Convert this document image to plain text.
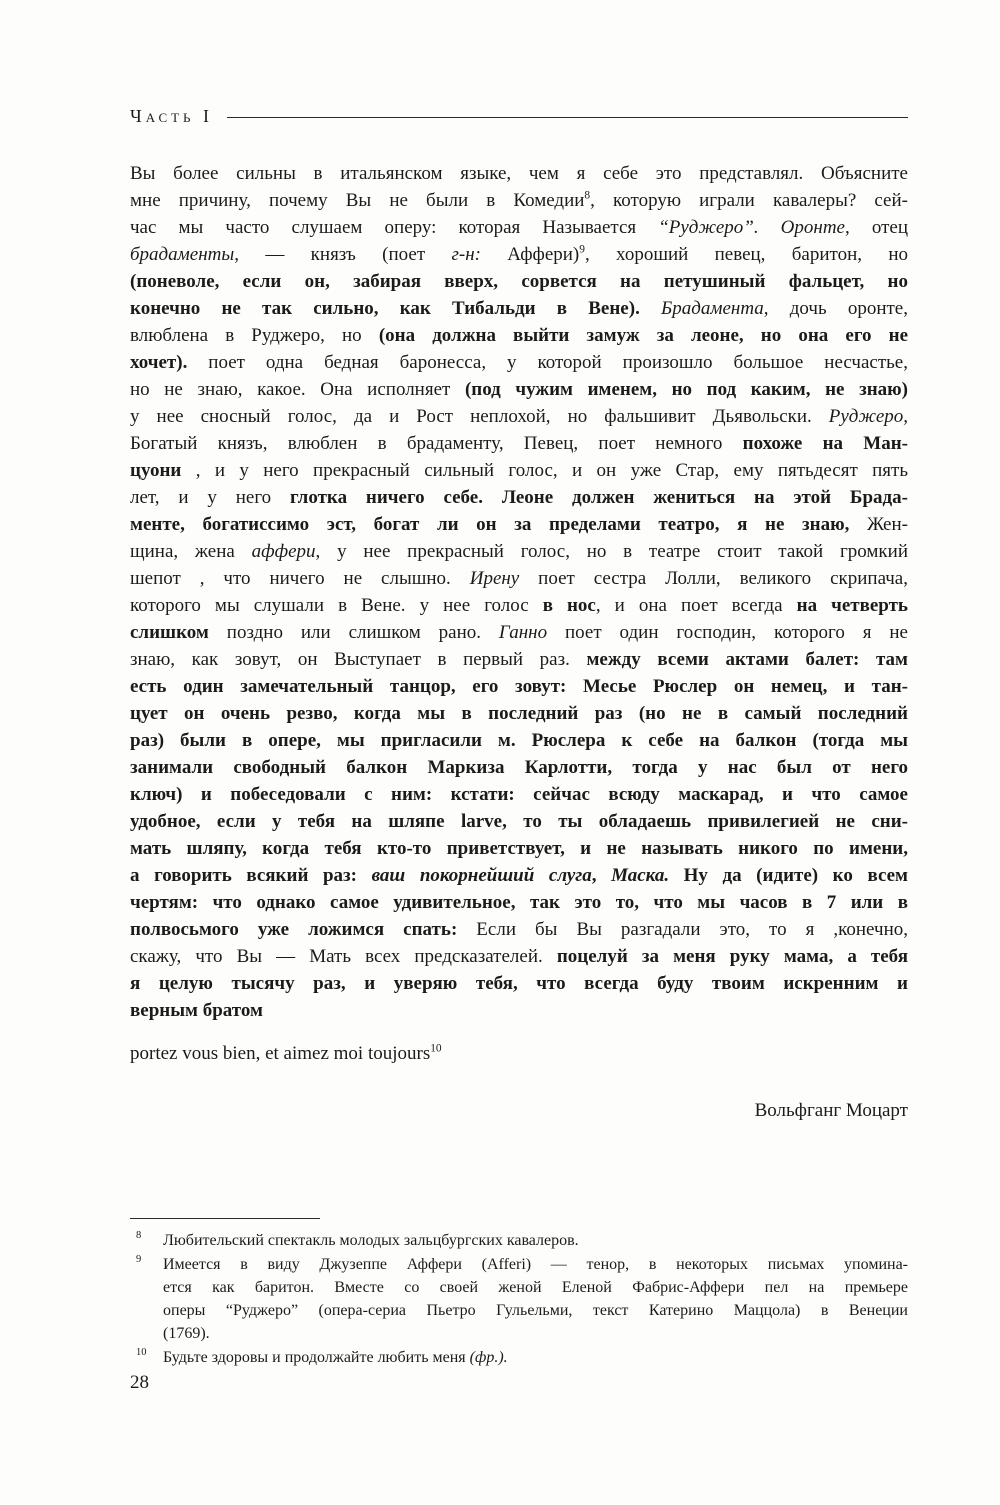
Часть I
Вы более сильны в итальянском языке, чем я себе это представлял. Объясните
мне причину, почему Вы не были в Комедии$^8$, которую играли кавалеры? сей-
час мы часто слушаем оперу: которая Называется “Руджеро”. Оронте, отец
брадаменты, — князъ (поет г-н: Аффери)$^9$, хороший певец, баритон, но
(поневоле, если он, забирая вверх, сорвется на петушиный фальцет, но
конечно не так сильно, как Тибальди в Вене). Брадамента, дочь оронте,
влюблена в Руджеро, но (она должна выйти замуж за леоне, но она его не
хочет). поет одна бедная баронесса, у которой произошло большое несчастье,
но не знаю, какое. Она исполняет (под чужим именем, но под каким, не знаю)
у нее сносный голос, да и Рост неплохой, но фальшивит Дьявольски. Руджеро,
Богатый князъ, влюблен в брадаменту, Певец, поет немного похоже на Ман-
цуони , и у него прекрасный сильный голос, и он уже Стар, ему пятьдесят пять
лет, и у него глотка ничего себе. Леоне должен жениться на этой Брада-
менте, богатиссимо эст, богат ли он за пределами театро, я не знаю, Жен-
щина, жена аффери, у нее прекрасный голос, но в театре стоит такой громкий
шепот , что ничего не слышно. Ирену поет сестра Лолли, великого скрипача,
которого мы слушали в Вене. у нее голос в нос, и она поет всегда на четверть
слишком поздно или слишком рано. Ганно поет один господин, которого я не
знаю, как зовут, он Выступает в первый раз. между всеми актами балет: там
есть один замечательный танцор, его зовут: Месье Рюслер он немец, и тан-
цует он очень резво, когда мы в последний раз (но не в самый последний
раз) были в опере, мы пригласили м. Рюслера к себе на балкон (тогда мы
занимали свободный балкон Маркиза Карлотти, тогда у нас был от него
ключ) и побеседовали с ним: кстати: сейчас всюду маскарад, и что самое
удобное, если у тебя на шляпе larve, то ты обладаешь привилегией не сни-
мать шляпу, когда тебя кто-то приветствует, и не называть никого по имени,
а говорить всякий раз: ваш покорнейший слуга, Маска. Ну да (идите) ко всем
чертям: что однако самое удивительное, так это то, что мы часов в 7 или в
полвосьмого уже ложимся спать: Если бы Вы разгадали это, то я ,конечно,
скажу, что Вы — Мать всех предсказателей. поцелуй за меня руку мама, а тебя
я целую тысячу раз, и уверяю тебя, что всегда буду твоим искренним и
верным братом

portez vous bien, et aimez moi toujours$^{10}$

Вольфганг Моцарт

8 Любительский спектакль молодых зальцбургских кавалеров.
9 Имеется в виду Джузеппе Аффери (Afferi) — тенор, в некоторых письмах упомина-
ется как баритон. Вместе со своей женой Еленой Фабрис-Аффери пел на премьере
оперы “Руджеро” (опера-сериа Пьетро Гульельми, текст Катерино Маццола) в Венеции
(1769).
10 Будьте здоровы и продолжайте любить меня (фр.).
28
